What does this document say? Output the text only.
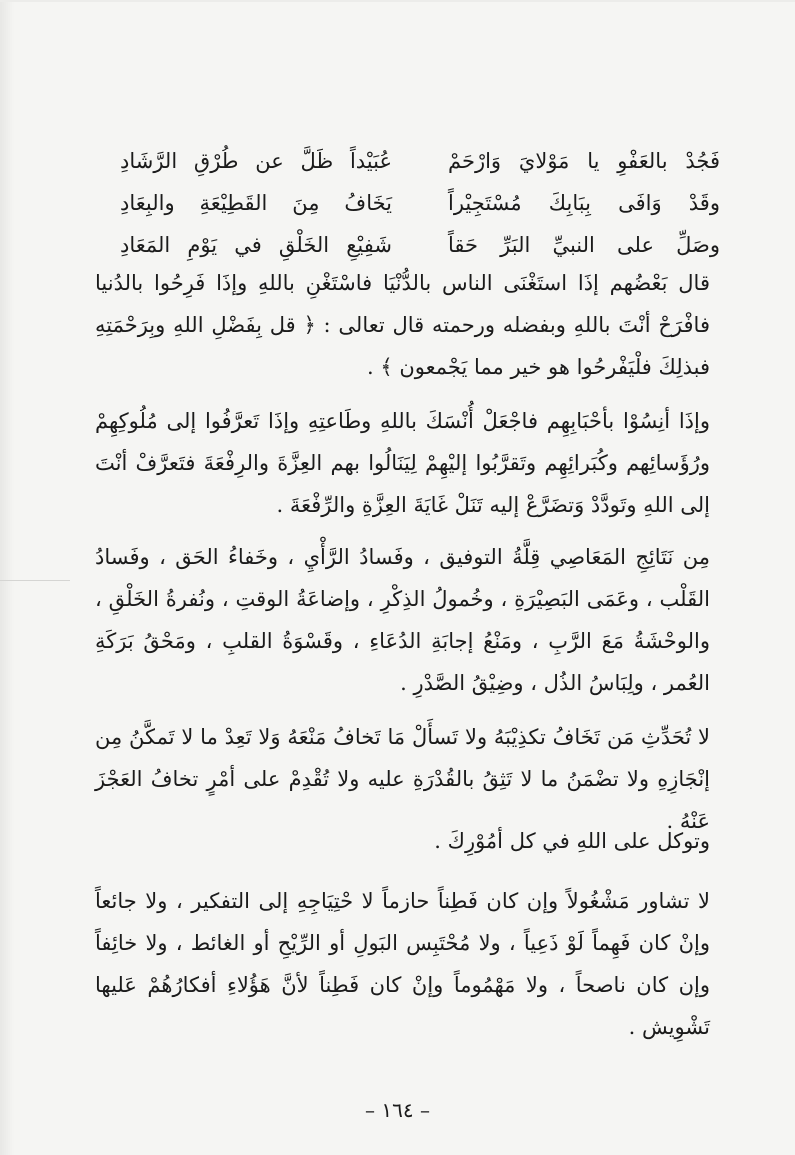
فَجُدْ بالعَفْوِ يا مَوْلايَ وَارْحَمْ
عُبَيْداً ظَلَّ عن طُرْقِ الرَّشَادِ
وقَدْ وَافَى بِبَابِكَ مُسْتَجِيْراً
يَخَافُ مِنَ القَطِيْعَةِ والبِعَادِ
وصَلِّ على النبيِّ البَرِّ حَقاً
شَفِيْعِ الخَلْقِ في يَوْمِ المَعَادِ

قال بَعْضُهم إذَا استَغْنَى الناس بالدُّنْيَا فاسْتَغْنِ باللهِ وإذَا فَرِحُوا بالدُنيا فافْرَحْ أنْتَ باللهِ وبفضله ورحمته قال تعالى : ﴿ قل بِفَضْلِ اللهِ وبِرَحْمَتِهِ فبذلِكَ فلْيَفْرحُوا هو خير مما يَجْمعون ﴾ .

وإذَا أنِسُوْا بأحْبَابِهِم فاجْعَلْ أُنْسَكَ باللهِ وطَاعتِهِ وإذَا تَعرَّفُوا إلى مُلُوكِهِمْ ورُؤَسائِهم وكُبَرائِهِم وتَقرَّبُوا إليْهِمْ لِيَنَالُوا بهم العِزَّةَ والرِفْعَةَ فتَعرَّفْ أنْتَ إلى اللهِ وتَودَّدْ وَتضَرَّعْ إليه تَنَلْ غَايَةَ العِزَّةِ والرِّفْعَةَ .

مِن نَتَائِجِ المَعَاصِي قِلَّةُ التوفيق ، وفَسادُ الرَّأْيِ ، وخَفاءُ الحَق ، وفَسادُ القَلْب ، وعَمَى البَصِيْرَةِ ، وخُمولُ الذِكْرِ ، وإضاعَةُ الوقتِ ، ونُفرةُ الخَلْقِ ، والوحْشَةُ مَعَ الرَّبِ ، ومَنْعُ إجابَةِ الدُعَاءِ ، وقَسْوَةُ القلبِ ، ومَحْقُ بَرَكَةِ العُمر ، ولِبَاسُ الذُل ، وضِيْقُ الصَّدْرِ .

لا تُحَدِّثِ مَن تَخَافُ تكذِيْبَهُ ولا تَسأَلْ مَا تَخافُ مَنْعَهُ وَلا تَعِدْ ما لا تَمكَّنُ مِن إنْجَازِهِ ولا تضْمَنُ ما لا تَثِقُ بالقُدْرَةِ عليه ولا تُقْدِمْ على أمْرٍ تخافُ العَجْزَ عَنْهُ .

وتوكل على اللهِ في كل أمُوْرِكَ .

لا تشاور مَشْغُولاً وإن كان فَطِناً حازماً لا حْتِيَاجِهِ إلى التفكير ، ولا جائعاً وإنْ كان فَهِماً لَوْ ذَعِياً ، ولا مُحْتَبِس البَولِ أو الرِّيْحِ أو الغائط ، ولا خائِفاً وإن كان ناصحاً ، ولا مَهْمُوماً وإنْ كان فَطِناً لأنَّ هَؤُلاءِ أفكارُهُمْ عَليها تَشْوِيش .

– ١٦٤ –
